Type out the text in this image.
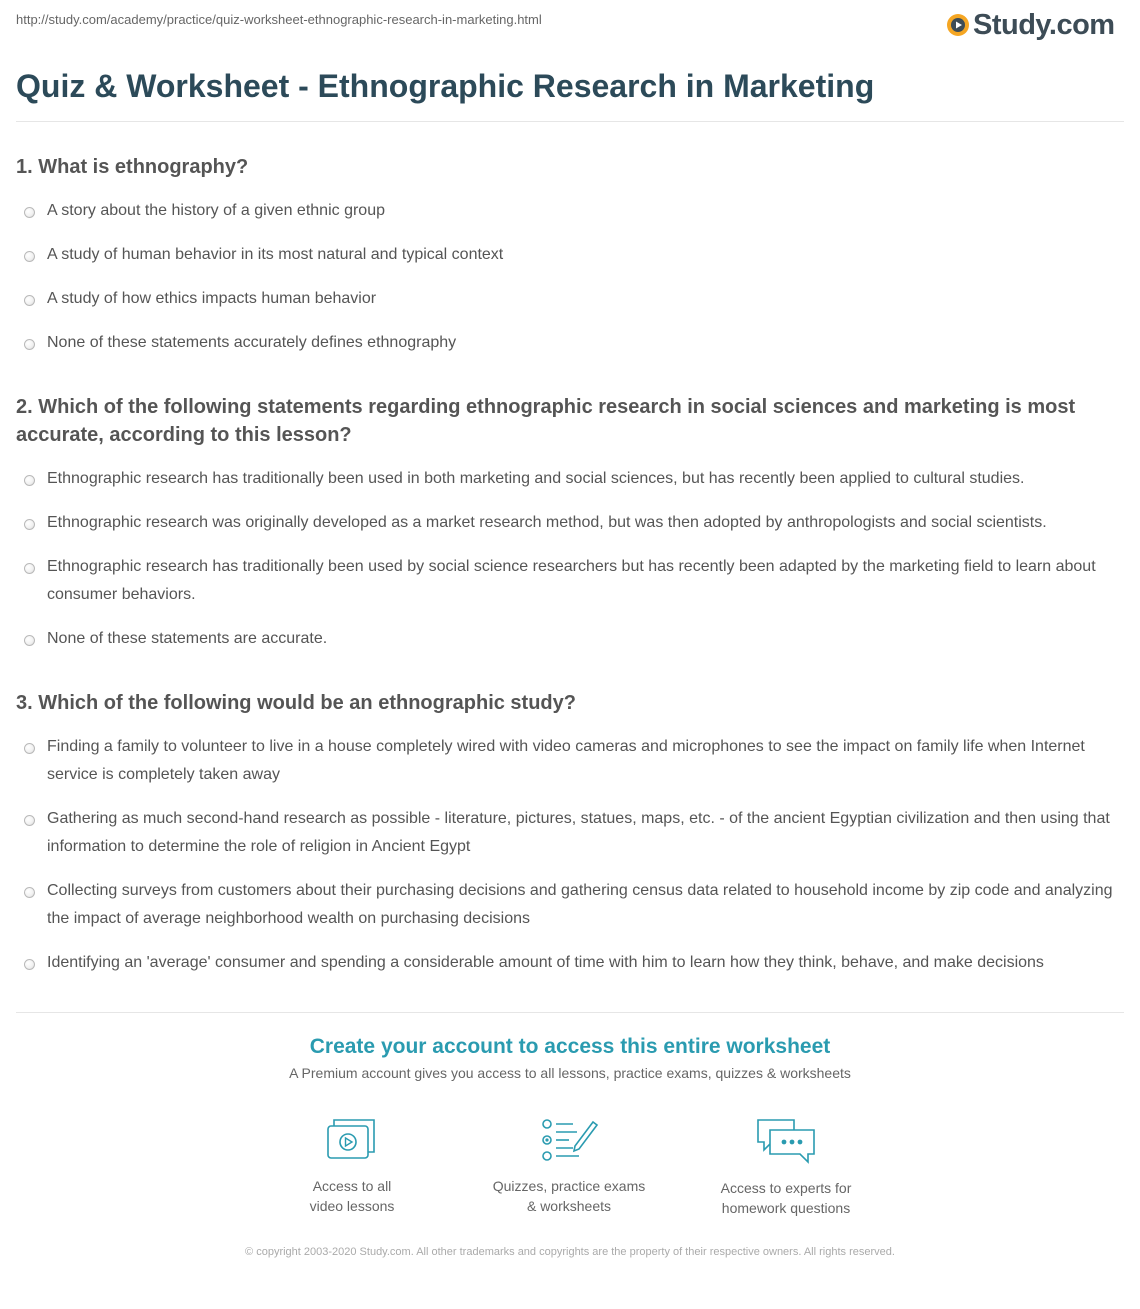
http://study.com/academy/practice/quiz-worksheet-ethnographic-research-in-marketing.html	Study.com
Quiz & Worksheet - Ethnographic Research in Marketing

1. What is ethnography?

A story about the history of a given ethnic group
A study of human behavior in its most natural and typical context
A study of how ethics impacts human behavior
None of these statements accurately defines ethnography

2. Which of the following statements regarding ethnographic research in social sciences and marketing is most accurate, according to this lesson?

Ethnographic research has traditionally been used in both marketing and social sciences, but has recently been applied to cultural studies.
Ethnographic research was originally developed as a market research method, but was then adopted by anthropologists and social scientists.
Ethnographic research has traditionally been used by social science researchers but has recently been adapted by the marketing field to learn about consumer behaviors.
None of these statements are accurate.

3. Which of the following would be an ethnographic study?

Finding a family to volunteer to live in a house completely wired with video cameras and microphones to see the impact on family life when Internet service is completely taken away
Gathering as much second-hand research as possible - literature, pictures, statues, maps, etc. - of the ancient Egyptian civilization and then using that information to determine the role of religion in Ancient Egypt
Collecting surveys from customers about their purchasing decisions and gathering census data related to household income by zip code and analyzing the impact of average neighborhood wealth on purchasing decisions
Identifying an 'average' consumer and spending a considerable amount of time with him to learn how they think, behave, and make decisions
Create your account to access this entire worksheet
A Premium account gives you access to all lessons, practice exams, quizzes & worksheets
Access to all
video lessons
Quizzes, practice exams
& worksheets
Access to experts for
homework questions
© copyright 2003-2020 Study.com. All other trademarks and copyrights are the property of their respective owners. All rights reserved.
